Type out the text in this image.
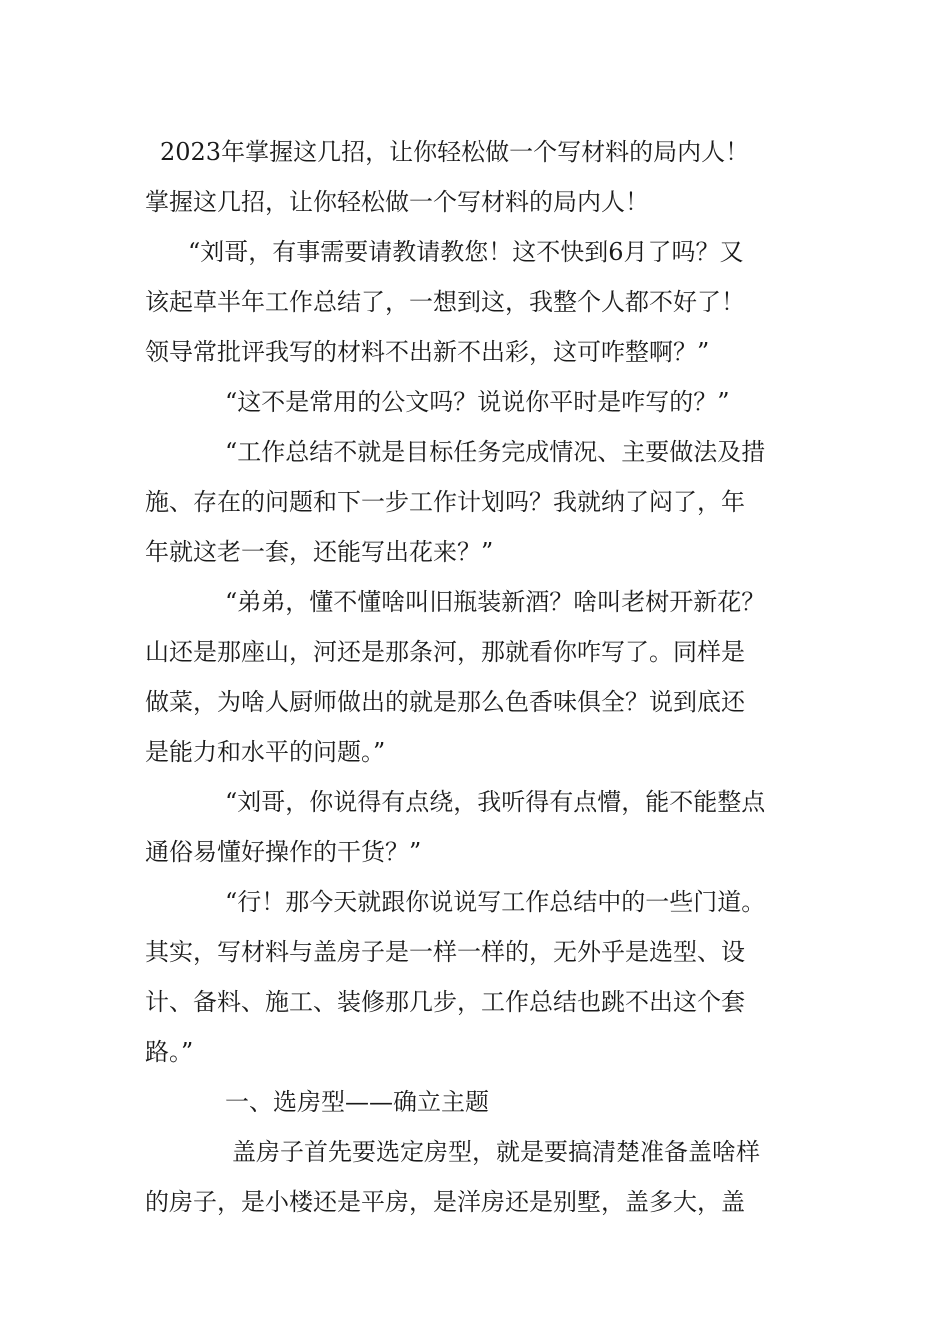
2023年掌握这几招，让你轻松做一个写材料的局内人！
掌握这几招，让你轻松做一个写材料的局内人！
“刘哥，有事需要请教请教您！这不快到6月了吗？又
该起草半年工作总结了，一想到这，我整个人都不好了！
领导常批评我写的材料不出新不出彩，这可咋整啊？”
“这不是常用的公文吗？说说你平时是咋写的？”
“工作总结不就是目标任务完成情况、主要做法及措
施、存在的问题和下一步工作计划吗？我就纳了闷了，年
年就这老一套，还能写出花来？”
“弟弟，懂不懂啥叫旧瓶装新酒？啥叫老树开新花？
山还是那座山，河还是那条河，那就看你咋写了。同样是
做菜，为啥人厨师做出的就是那么色香味俱全？说到底还
是能力和水平的问题。”
“刘哥，你说得有点绕，我听得有点懵，能不能整点
通俗易懂好操作的干货？”
“行！那今天就跟你说说写工作总结中的一些门道。
其实，写材料与盖房子是一样一样的，无外乎是选型、设
计、备料、施工、装修那几步，工作总结也跳不出这个套
路。”
一、选房型——确立主题
盖房子首先要选定房型，就是要搞清楚准备盖啥样
的房子，是小楼还是平房，是洋房还是别墅，盖多大，盖
